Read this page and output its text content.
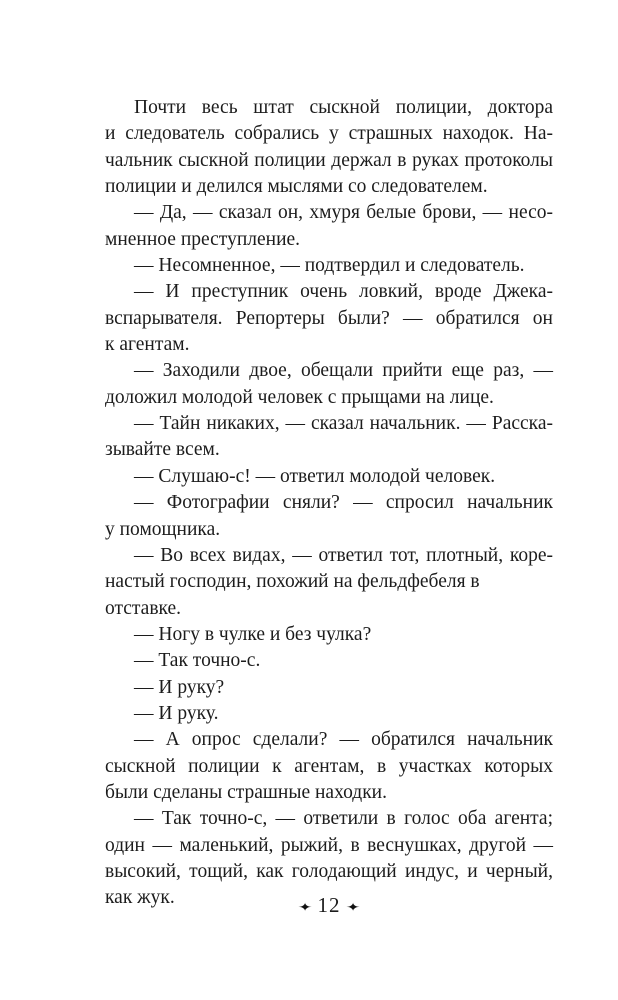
Почти весь штат сыскной полиции, доктора
и следователь собрались у страшных находок. На-
чальник сыскной полиции держал в руках протоколы
полиции и делился мыслями со следователем.
— Да, — сказал он, хмуря белые брови, — несо-
мненное преступление.
— Несомненное, — подтвердил и следователь.
— И преступник очень ловкий, вроде Джека-
вспарывателя. Репортеры были? — обратился он
к агентам.
— Заходили двое, обещали прийти еще раз, —
доложил молодой человек с прыщами на лице.
— Тайн никаких, — сказал начальник. — Расска-
зывайте всем.
— Слушаю-с! — ответил молодой человек.
— Фотографии сняли? — спросил начальник
у помощника.
— Во всех видах, — ответил тот, плотный, коре-
настый господин, похожий на фельдфебеля в отставке.
— Ногу в чулке и без чулка?
— Так точно-с.
— И руку?
— И руку.
— А опрос сделали? — обратился начальник
сыскной полиции к агентам, в участках которых
были сделаны страшные находки.
— Так точно-с, — ответили в голос оба агента;
один — маленький, рыжий, в веснушках, другой —
высокий, тощий, как голодающий индус, и черный,
как жук.	✦ 12 ✦
